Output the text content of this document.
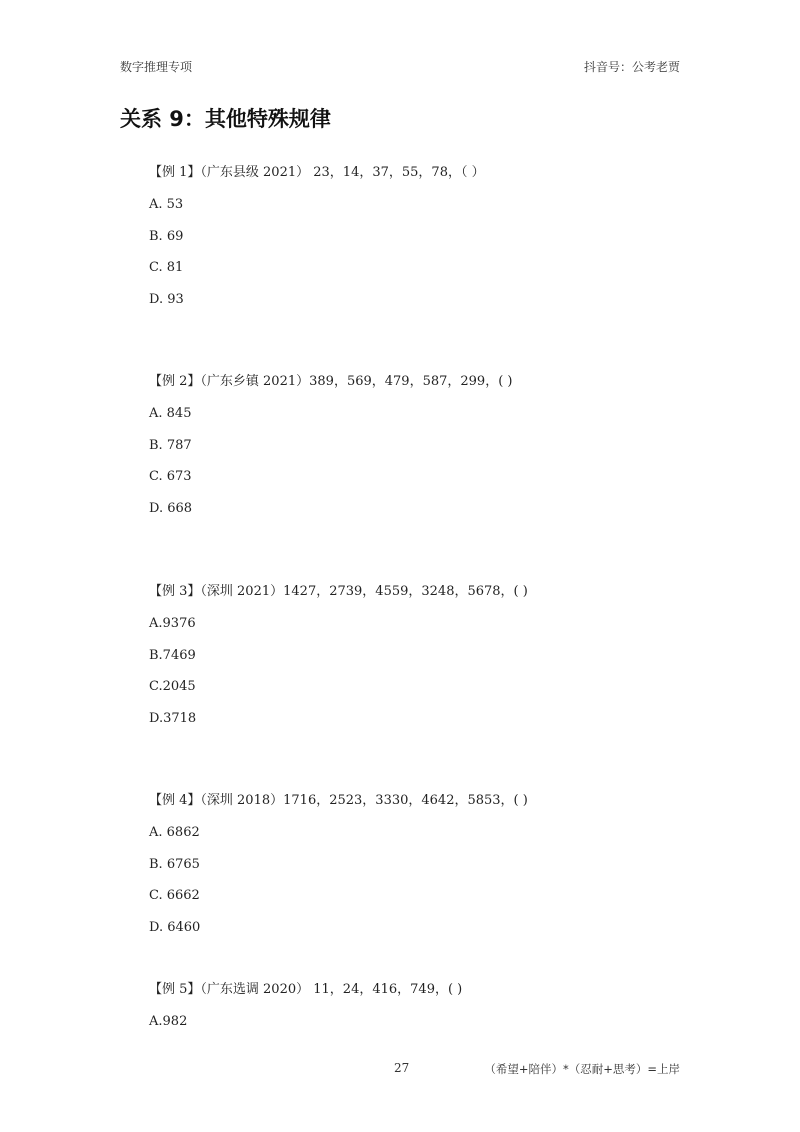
数字推理专项	抖音号：公考老贾
关系 9：其他特殊规律

【例 1】（广东县级 2021） 23，14，37，55，78，（ ）

A. 53
B. 69
C. 81
D. 93

【例 2】（广东乡镇 2021）389，569，479，587，299，( )

A. 845
B. 787
C. 673
D. 668

【例 3】（深圳 2021）1427，2739，4559，3248，5678，( )

A.9376
B.7469
C.2045
D.3718

【例 4】（深圳 2018）1716，2523，3330，4642，5853，( )

A. 6862
B. 6765
C. 6662
D. 6460

【例 5】（广东选调 2020） 11，24，416，749，( )

A.982
27	（希望+陪伴）*（忍耐+思考）=上岸
